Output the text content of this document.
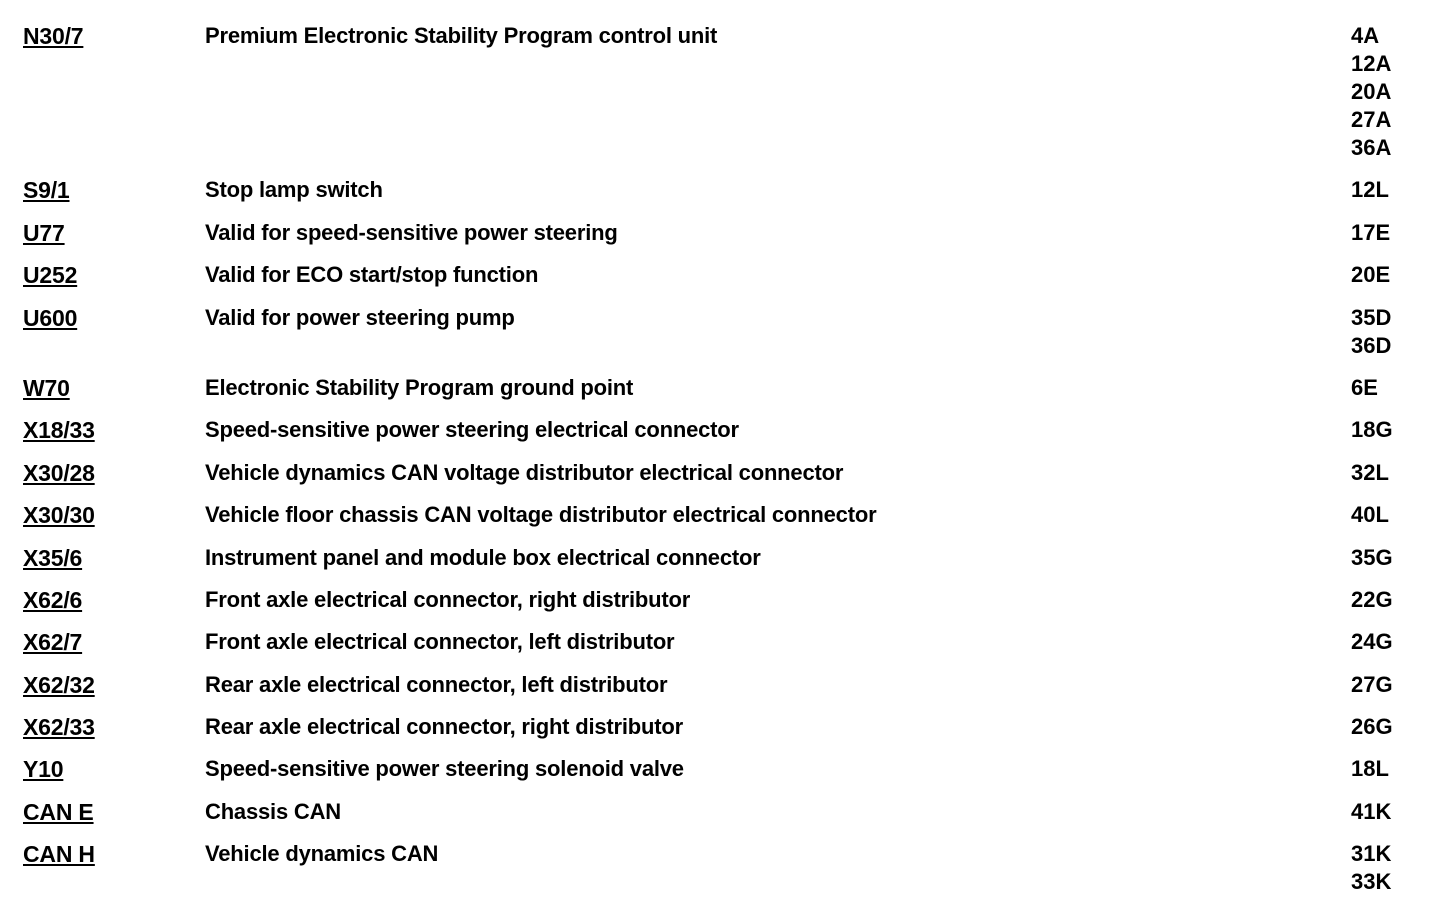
N30/7	Premium Electronic Stability Program control unit	4A
12A
20A
27A
36A
S9/1	Stop lamp switch	12L
U77	Valid for speed-sensitive power steering	17E
U252	Valid for ECO start/stop function	20E
U600	Valid for power steering pump	35D
36D
W70	Electronic Stability Program ground point	6E
X18/33	Speed-sensitive power steering electrical connector	18G
X30/28	Vehicle dynamics CAN voltage distributor electrical connector	32L
X30/30	Vehicle floor chassis CAN voltage distributor electrical connector	40L
X35/6	Instrument panel and module box electrical connector	35G
X62/6	Front axle electrical connector, right distributor	22G
X62/7	Front axle electrical connector, left distributor	24G
X62/32	Rear axle electrical connector, left distributor	27G
X62/33	Rear axle electrical connector, right distributor	26G
Y10	Speed-sensitive power steering solenoid valve	18L
CAN E	Chassis CAN	41K
CAN H	Vehicle dynamics CAN	31K
33K
